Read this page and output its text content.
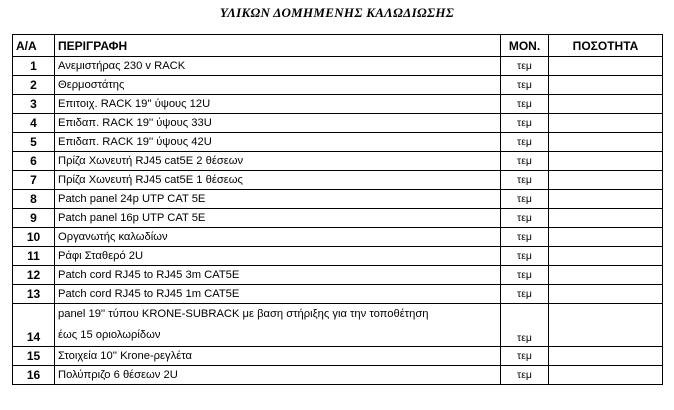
ΥΛΙΚΩΝ ΔΟΜΗΜΕΝΗΣ ΚΑΛΩΔΙΩΣΗΣ
Α/Α	ΠΕΡΙΓΡΑΦΗ	ΜΟΝ.	ΠΟΣΟΤΗΤΑ
1	Ανεμιστήρας 230 v RACK	τεμ	
2	Θερμοστάτης	τεμ	
3	Επιτοιχ. RACK 19'' ύψους 12U	τεμ	
4	Επιδαπ. RACK 19'' ύψους 33U	τεμ	
5	Επιδαπ. RACK 19'' ύψους 42U	τεμ	
6	Πρίζα Χωνευτή RJ45 cat5E 2 θέσεων	τεμ	
7	Πρίζα Χωνευτή RJ45 cat5E 1 θέσεως	τεμ	
8	Patch panel 24p UTP CAT 5E	τεμ	
9	Patch panel 16p UTP CAT 5E	τεμ	
10	Οργανωτής καλωδίων	τεμ	
11	Ράφι Σταθερό 2U	τεμ	
12	Patch cord RJ45 to RJ45 3m CAT5E	τεμ	
13	Patch cord RJ45 to RJ45 1m CAT5E	τεμ	
14	panel 19'' τύπου KRONE-SUBRACK με βαση στήριξης για την τοποθέτηση
έως 15 οριολωρίδων	τεμ	
15	Στοιχεία 10'' Krone-ρεγλέτα	τεμ	
16	Πολύπριζο 6 θέσεων 2U	τεμ	
